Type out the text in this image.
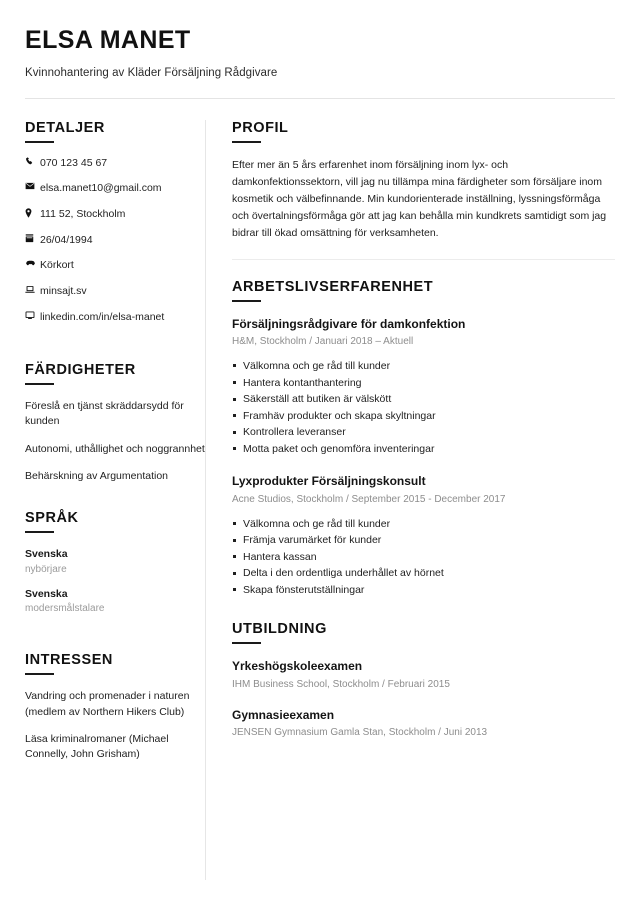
ELSA MANET
Kvinnohantering av Kläder Försäljning Rådgivare
DETALJER
070 123 45 67
elsa.manet10@gmail.com
111 52, Stockholm
26/04/1994
Körkort
minsajt.sv
linkedin.com/in/elsa-manet
FÄRDIGHETER
Föreslå en tjänst skräddarsydd för kunden
Autonomi, uthållighet och noggrannhet
Behärskning av Argumentation
SPRÅK
Svenska
nybörjare
Svenska
modersmålstalare
INTRESSEN
Vandring och promenader i naturen (medlem av Northern Hikers Club)
Läsa kriminalromaner (Michael Connelly, John Grisham)
PROFIL

Efter mer än 5 års erfarenhet inom försäljning inom lyx- och damkonfektionssektorn, vill jag nu tillämpa mina färdigheter som försäljare inom kosmetik och välbefinnande. Min kundorienterade inställning, lyssningsförmåga och övertalningsförmåga gör att jag kan behålla min kundkrets samtidigt som jag bidrar till ökad omsättning för verksamheten.

ARBETSLIVSERFARENHET
Försäljningsrådgivare för damkonfektion
H&M, Stockholm / Januari 2018 – Aktuell
Välkomna och ge råd till kunder
Hantera kontanthantering
Säkerställ att butiken är välskött
Framhäv produkter och skapa skyltningar
Kontrollera leveranser
Motta paket och genomföra inventeringar
Lyxprodukter Försäljningskonsult
Acne Studios, Stockholm / September 2015 - December 2017
Välkomna och ge råd till kunder
Främja varumärket för kunder
Hantera kassan
Delta i den ordentliga underhållet av hörnet
Skapa fönsterutställningar
UTBILDNING
Yrkeshögskoleexamen
IHM Business School, Stockholm / Februari 2015
Gymnasieexamen
JENSEN Gymnasium Gamla Stan, Stockholm / Juni 2013
